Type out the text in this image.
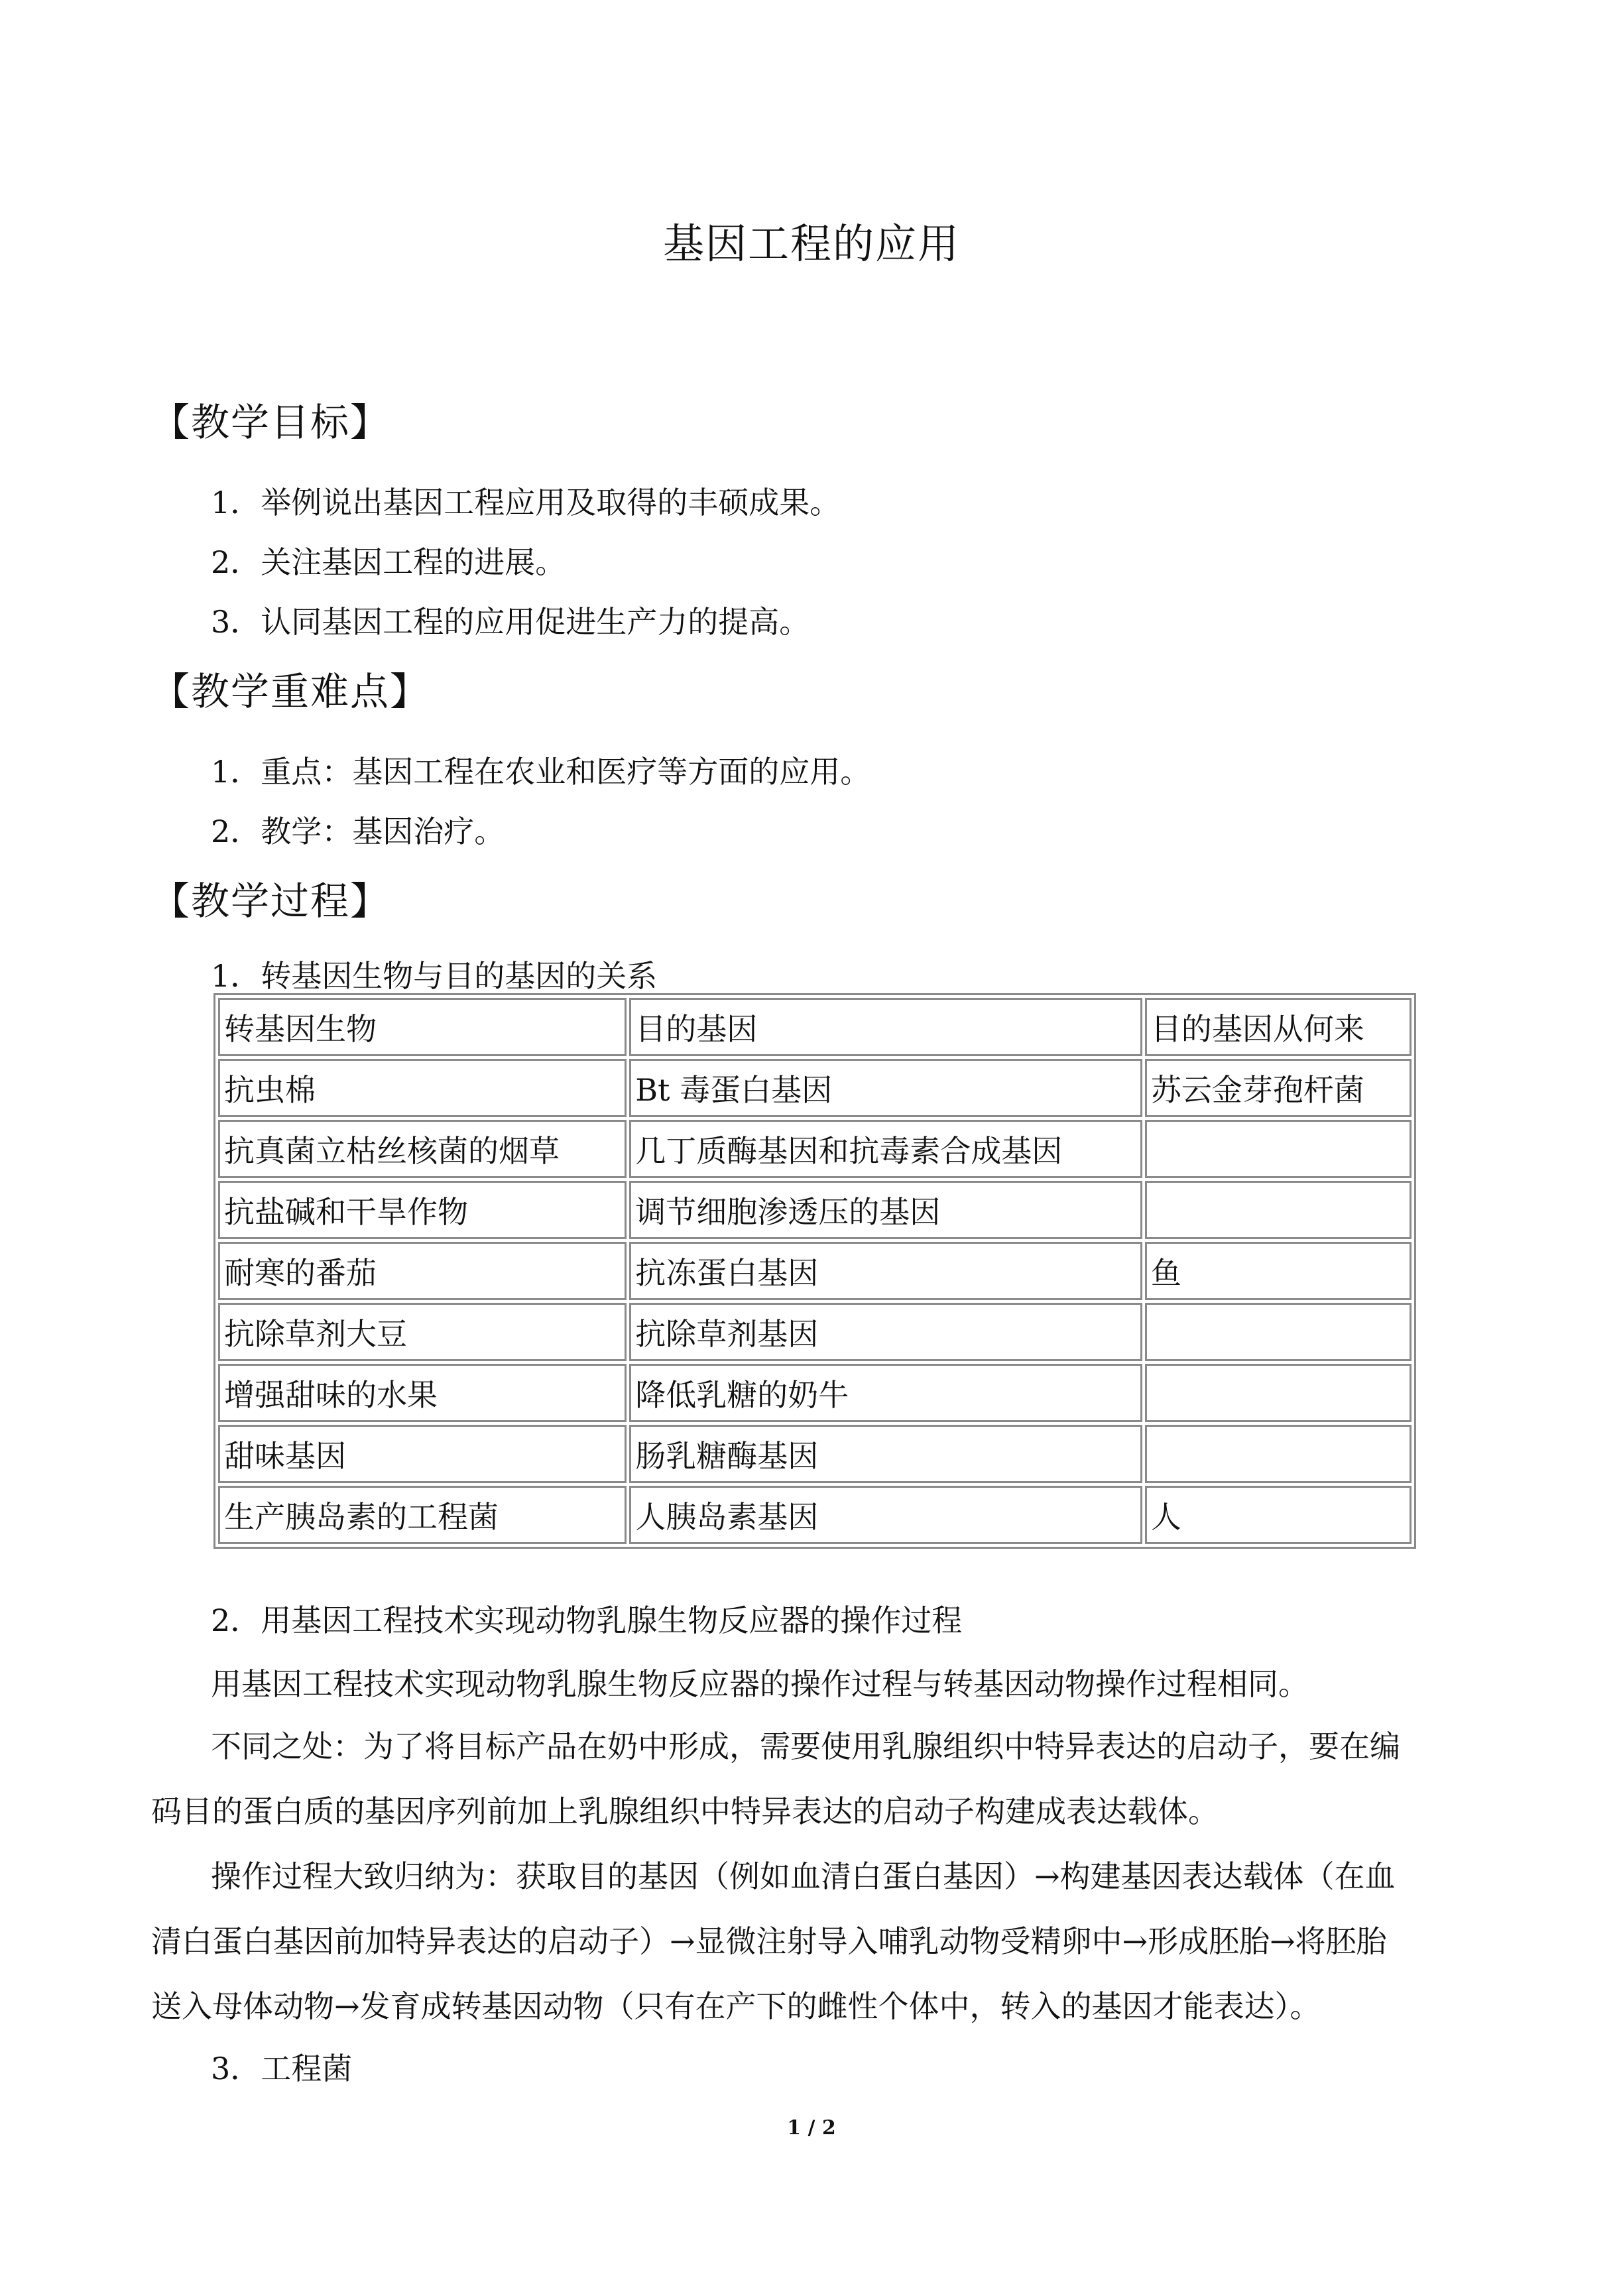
基因工程的应用
【教学目标】
1．举例说出基因工程应用及取得的丰硕成果。
2．关注基因工程的进展。
3．认同基因工程的应用促进生产力的提高。
【教学重难点】
1．重点：基因工程在农业和医疗等方面的应用。
2．教学：基因治疗。
【教学过程】
1．转基因生物与目的基因的关系
转基因生物	目的基因	目的基因从何来
抗虫棉	Bt 毒蛋白基因	苏云金芽孢杆菌
抗真菌立枯丝核菌的烟草	几丁质酶基因和抗毒素合成基因	
抗盐碱和干旱作物	调节细胞渗透压的基因	
耐寒的番茄	抗冻蛋白基因	鱼
抗除草剂大豆	抗除草剂基因	
增强甜味的水果	降低乳糖的奶牛	
甜味基因	肠乳糖酶基因	
生产胰岛素的工程菌	人胰岛素基因	人
2．用基因工程技术实现动物乳腺生物反应器的操作过程
用基因工程技术实现动物乳腺生物反应器的操作过程与转基因动物操作过程相同。
不同之处：为了将目标产品在奶中形成，需要使用乳腺组织中特异表达的启动子，要在编
码目的蛋白质的基因序列前加上乳腺组织中特异表达的启动子构建成表达载体。
操作过程大致归纳为：获取目的基因（例如血清白蛋白基因）→构建基因表达载体（在血
清白蛋白基因前加特异表达的启动子）→显微注射导入哺乳动物受精卵中→形成胚胎→将胚胎
送入母体动物→发育成转基因动物（只有在产下的雌性个体中，转入的基因才能表达）。
3．工程菌
1 / 2
